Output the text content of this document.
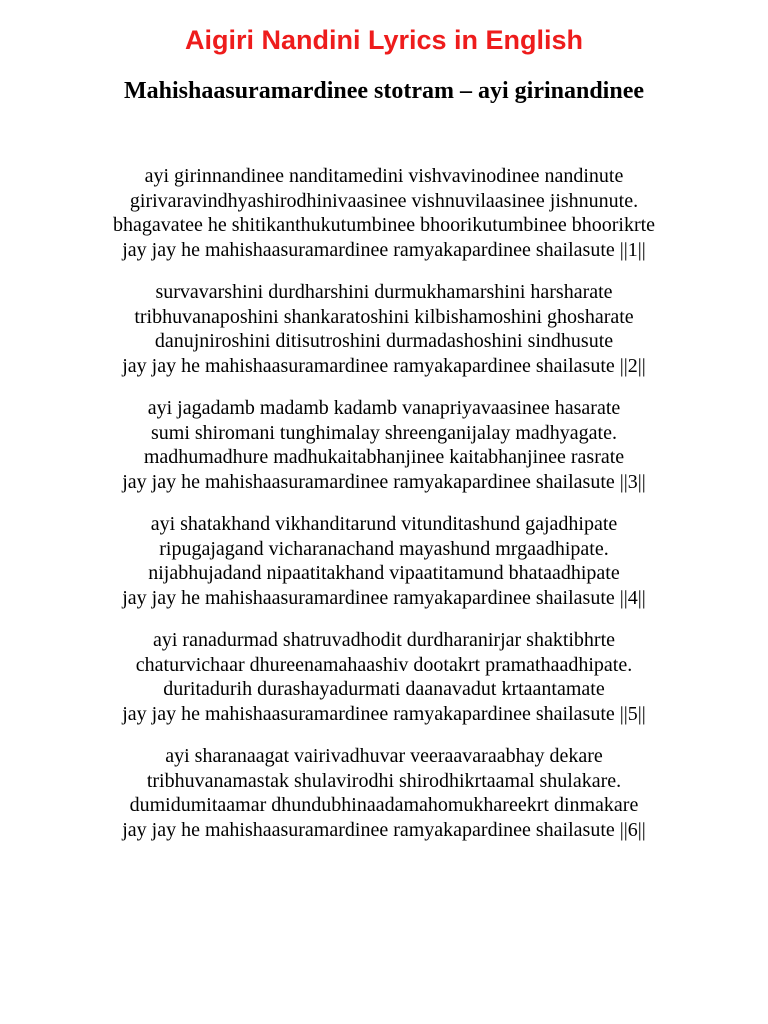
Aigiri Nandini Lyrics in English
Mahishaasuramardinee stotram – ayi girinandinee
ayi girinnandinee nanditamedini vishvavinodinee nandinute
girivaravindhyashirodhinivaasinee vishnuvilaasinee jishnunute.
bhagavatee he shitikanthukutumbinee bhoorikutumbinee bhoorikrte
jay jay he mahishaasuramardinee ramyakapardinee shailasute ||1||
survavarshini durdharshini durmukhamarshini harsharate
tribhuvanaposhini shankaratoshini kilbishamoshini ghosharate
danujniroshini ditisutroshini durmadashoshini sindhusute
jay jay he mahishaasuramardinee ramyakapardinee shailasute ||2||
ayi jagadamb madamb kadamb vanapriyavaasinee hasarate
sumi shiromani tunghimalay shreenganijalay madhyagate.
madhumadhure madhukaitabhanjinee kaitabhanjinee rasrate
jay jay he mahishaasuramardinee ramyakapardinee shailasute ||3||
ayi shatakhand vikhanditarund vitunditashund gajadhipate
ripugajagand vicharanachand mayashund mrgaadhipate.
nijabhujadand nipaatitakhand vipaatitamund bhataadhipate
jay jay he mahishaasuramardinee ramyakapardinee shailasute ||4||
ayi ranadurmad shatruvadhodit durdharanirjar shaktibhrte
chaturvichaar dhureenamahaashiv dootakrt pramathaadhipate.
duritadurih durashayadurmati daanavadut krtaantamate
jay jay he mahishaasuramardinee ramyakapardinee shailasute ||5||
ayi sharanaagat vairivadhuvar veeraavaraabhay dekare
tribhuvanamastak shulavirodhi shirodhikrtaamal shulakare.
dumidumitaamar dhundubhinaadamahomukhareekrt dinmakare
jay jay he mahishaasuramardinee ramyakapardinee shailasute ||6||
